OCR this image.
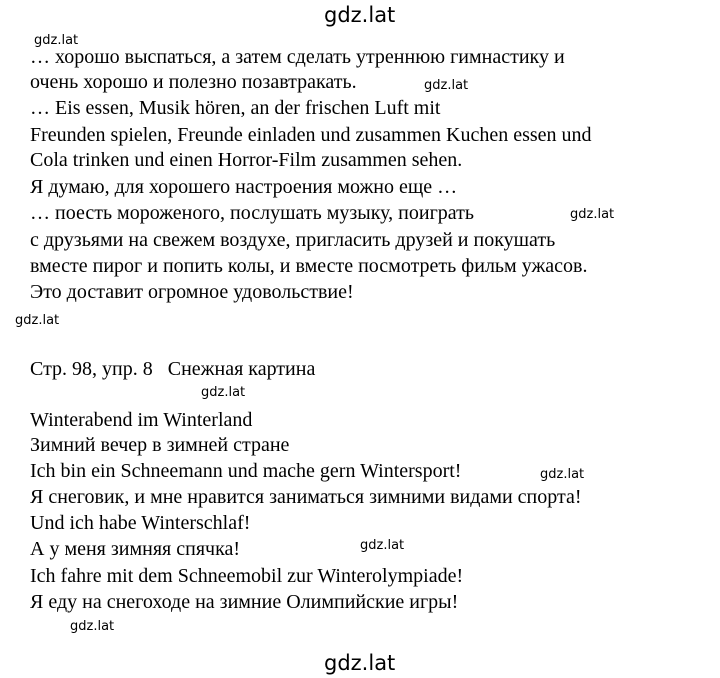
gdz.lat
gdz.lat
gdz.lat
gdz.lat
gdz.lat
gdz.lat
gdz.lat
gdz.lat
gdz.lat
gdz.lat
… хорошо выспаться, а затем сделать утреннюю гимнастику и
очень хорошо и полезно позавтракать.
… Eis essen, Musik hören, an der frischen Luft mit
Freunden spielen, Freunde einladen und zusammen Kuchen essen und
Cola trinken und einen Horror-Film zusammen sehen.
Я думаю, для хорошего настроения можно еще …
… поесть мороженого, послушать музыку, поиграть
с друзьями на свежем воздухе, пригласить друзей и покушать
вместе пирог и попить колы, и вместе посмотреть фильм ужасов.
Это доставит огромное удовольствие!
Стр. 98, упр. 8   Снежная картина
Winterabend im Winterland
Зимний вечер в зимней стране
Ich bin ein Schneemann und mache gern Wintersport!
Я снеговик, и мне нравится заниматься зимними видами спорта!
Und ich habe Winterschlaf!
А у меня зимняя спячка!
Ich fahre mit dem Schneemobil zur Winterolympiade!
Я еду на снегоходе на зимние Олимпийские игры!
